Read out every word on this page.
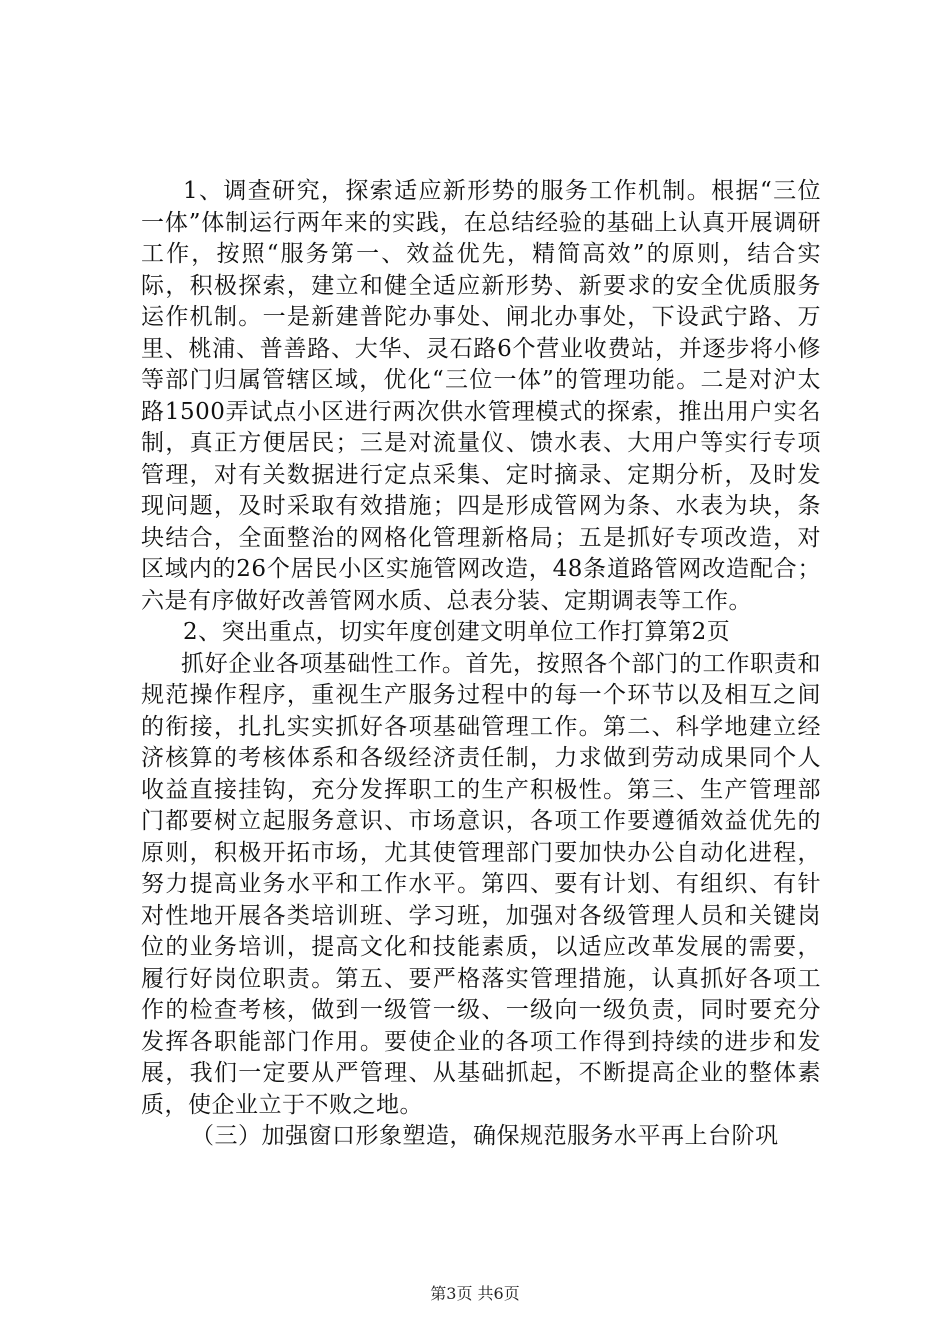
1、调查研究，探索适应新形势的服务工作机制。根据“三位一体”体制运行两年来的实践，在总结经验的基础上认真开展调研工作，按照“服务第一、效益优先，精简高效”的原则，结合实际，积极探索，建立和健全适应新形势、新要求的安全优质服务运作机制。一是新建普陀办事处、闸北办事处，下设武宁路、万里、桃浦、普善路、大华、灵石路6个营业收费站，并逐步将小修等部门归属管辖区域，优化“三位一体”的管理功能。二是对沪太路1500弄试点小区进行两次供水管理模式的探索，推出用户实名制，真正方便居民；三是对流量仪、馈水表、大用户等实行专项管理，对有关数据进行定点采集、定时摘录、定期分析，及时发现问题，及时采取有效措施；四是形成管网为条、水表为块，条块结合，全面整治的网格化管理新格局；五是抓好专项改造，对区域内的26个居民小区实施管网改造，48条道路管网改造配合；六是有序做好改善管网水质、总表分装、定期调表等工作。

2、突出重点，切实年度创建文明单位工作打算第2页

抓好企业各项基础性工作。首先，按照各个部门的工作职责和规范操作程序，重视生产服务过程中的每一个环节以及相互之间的衔接，扎扎实实抓好各项基础管理工作。第二、科学地建立经济核算的考核体系和各级经济责任制，力求做到劳动成果同个人收益直接挂钩，充分发挥职工的生产积极性。第三、生产管理部门都要树立起服务意识、市场意识，各项工作要遵循效益优先的原则，积极开拓市场，尤其使管理部门要加快办公自动化进程，努力提高业务水平和工作水平。第四、要有计划、有组织、有针对性地开展各类培训班、学习班，加强对各级管理人员和关键岗位的业务培训，提高文化和技能素质，以适应改革发展的需要，履行好岗位职责。第五、要严格落实管理措施，认真抓好各项工作的检查考核，做到一级管一级、一级向一级负责，同时要充分发挥各职能部门作用。要使企业的各项工作得到持续的进步和发展，我们一定要从严管理、从基础抓起，不断提高企业的整体素质，使企业立于不败之地。

（三）加强窗口形象塑造，确保规范服务水平再上台阶巩

第3页 共6页
